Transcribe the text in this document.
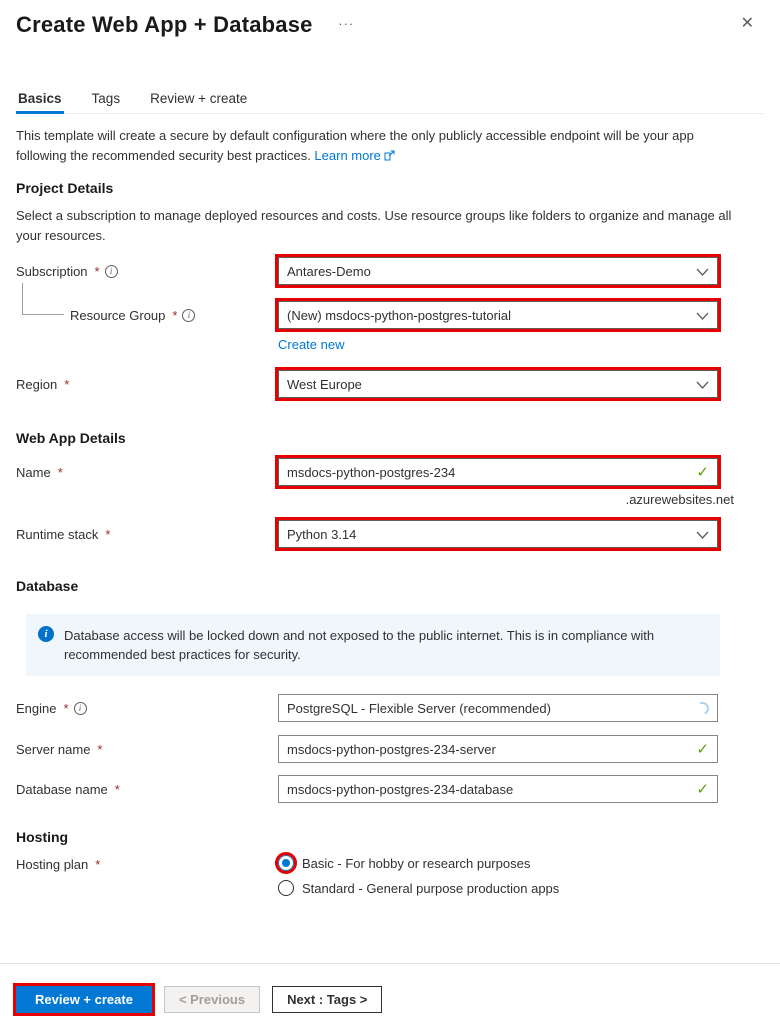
Create Web App + Database ···	✕
Basics Tags Review + create
This template will create a secure by default configuration where the only publicly accessible endpoint will be your app following the recommended security best practices. Learn more
Project Details
Select a subscription to manage deployed resources and costs. Use resource groups like folders to organize and manage all your resources.
Subscription *	i	Antares-Demo
Resource Group *	i	(New) msdocs-python-postgres-tutorial
Create new
Region *	West Europe
Web App Details
Name *	msdocs-python-postgres-234	✓
.azurewebsites.net
Runtime stack *	Python 3.14
Database
i	Database access will be locked down and not exposed to the public internet. This is in compliance with recommended best practices for security.
Engine *	i	PostgreSQL - Flexible Server (recommended)
Server name *	msdocs-python-postgres-234-server	✓
Database name *	msdocs-python-postgres-234-database	✓
Hosting
Hosting plan *	Basic - For hobby or research purposes
Standard - General purpose production apps
Review + create	< Previous	Next : Tags >
